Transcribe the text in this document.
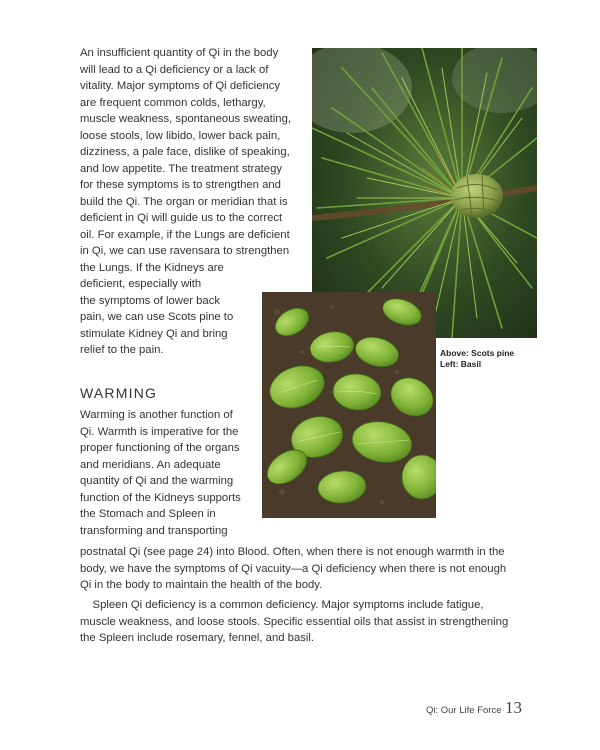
An insufficient quantity of Qi in the body
will lead to a Qi deficiency or a lack of
vitality. Major symptoms of Qi deficiency
are frequent common colds, lethargy,
muscle weakness, spontaneous sweating,
loose stools, low libido, lower back pain,
dizziness, a pale face, dislike of speaking,
and low appetite. The treatment strategy
for these symptoms is to strengthen and
build the Qi. The organ or meridian that is
deficient in Qi will guide us to the correct
oil. For example, if the Lungs are deficient
in Qi, we can use ravensara to strengthen
the Lungs. If the Kidneys are
deficient, especially with
the symptoms of lower back
pain, we can use Scots pine to
stimulate Kidney Qi and bring
relief to the pain.
WARMING
Warming is another function of
Qi. Warmth is imperative for the
proper functioning of the organs
and meridians. An adequate
quantity of Qi and the warming
function of the Kidneys supports
the Stomach and Spleen in
transforming and transporting
postnatal Qi (see page 24) into Blood. Often, when there is not enough warmth in the
body, we have the symptoms of Qi vacuity—a Qi deficiency when there is not enough
Qi in the body to maintain the health of the body.
Spleen Qi deficiency is a common deficiency. Major symptoms include fatigue,
muscle weakness, and loose stools. Specific essential oils that assist in strengthening
the Spleen include rosemary, fennel, and basil.
Above: Scots pine
Left: Basil
Qi: Our Life Force 13
